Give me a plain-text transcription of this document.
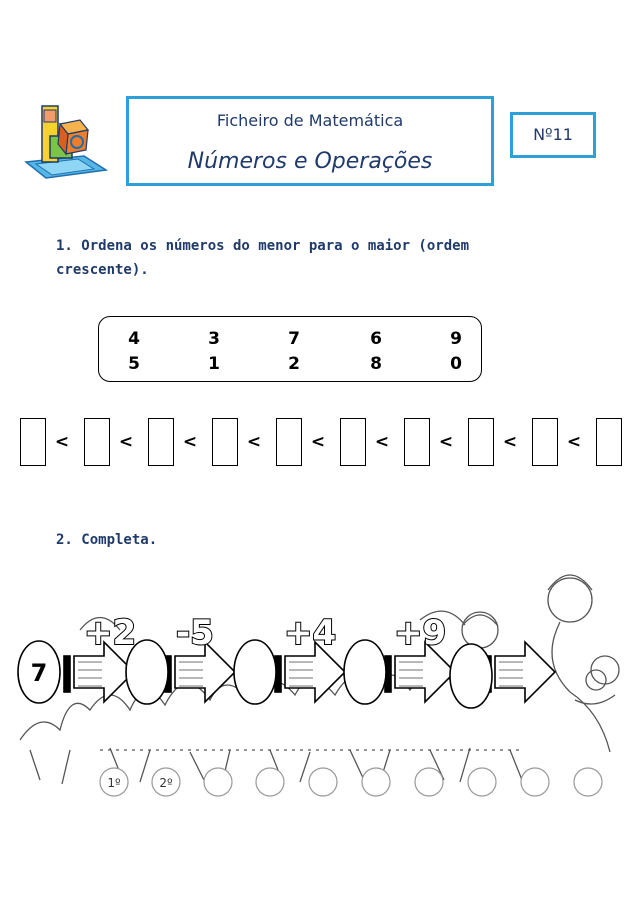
Ficheiro de Matemática
Números e Operações
Nº11
1. Ordena os números do menor para o maior (ordem
crescente).
4	3	7	6	9
5	1	2	8	0
<	<	<	<	<	<	<	<	<
2. Completa.
7
+2 -5 +4 +9
1º	2º
